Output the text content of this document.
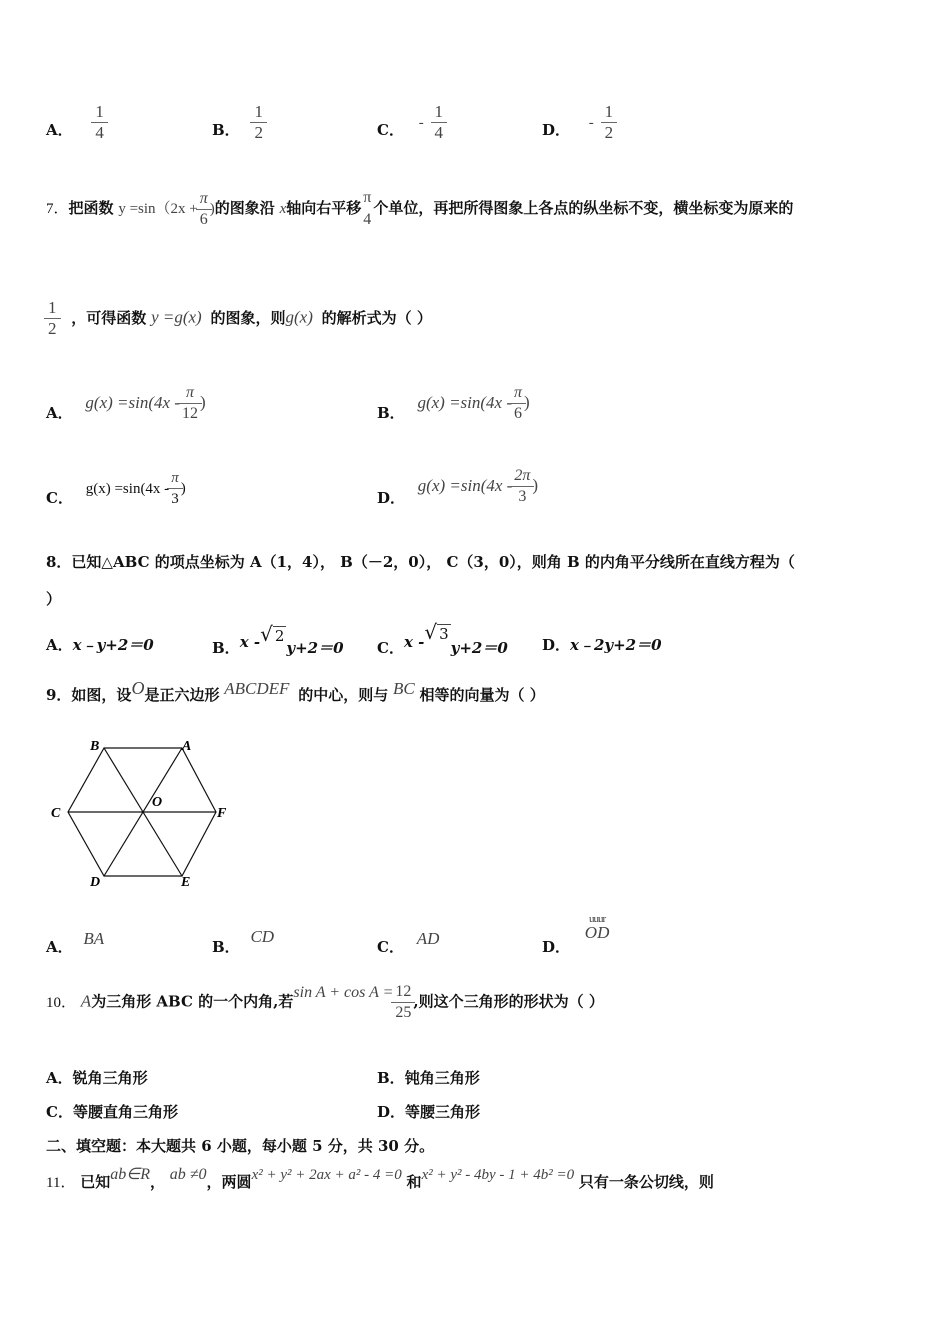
A． $\frac{1}{4}$	B． $\frac{1}{2}$	C． - $\frac{1}{4}$	D． - $\frac{1}{2}$
7．把函数 $y =\sin(2x + \frac{\pi}{6}$ )的图象沿 x轴向右平移
π
4
个单位，再把所得图象上各点的纵坐标不变，横坐标变为原来的
$\frac{1}{2}$ ，可得函数 y =g(x) 的图象，则g(x) 的解析式为（ ）
A． $g(x) =\sin(4x - \frac{\pi}{12}$ )
B． $g(x) =\sin(4x - \frac{\pi}{6}$ )
C． $g(x) =\sin(4x - \frac{\pi}{3}$ )	D． $g(x) =\sin(4x - \frac{2\pi}{3}$ )
8．已知△ABC 的项点坐标为 A（1，4）， B（－2，0）， C（3，0），则角 B 的内角平分线所在直线方程为（
）
A．x﹣y+2＝0	B．x -√ 2y+2＝0 C．x -√ 3y+2＝0 D．x﹣2y+2＝0
9．如图，设O是正六边形 ABCDEF 的中心，则与 BC 相等的向量为（ ）
B	A
C
O
F
D	E
A． BA	B． CD
C． AD	D．
uuur
OD
10． A为三角形 ABC 的一个内角,若$\sin A + \cos A = \frac{12}{25}$ ,则这个三角形的形状为（ ）
A．锐角三角形	B．钝角三角形
C．等腰直角三角形	D．等腰三角形
二、填空题：本大题共 6 小题，每小题 5 分，共 30 分。
11． 已知ab∈R， ab ≠0，两圆x² + y² + 2ax + a² - 4 =0 和x² + y² - 4by - 1 + 4b² =0 只有一条公切线，则
